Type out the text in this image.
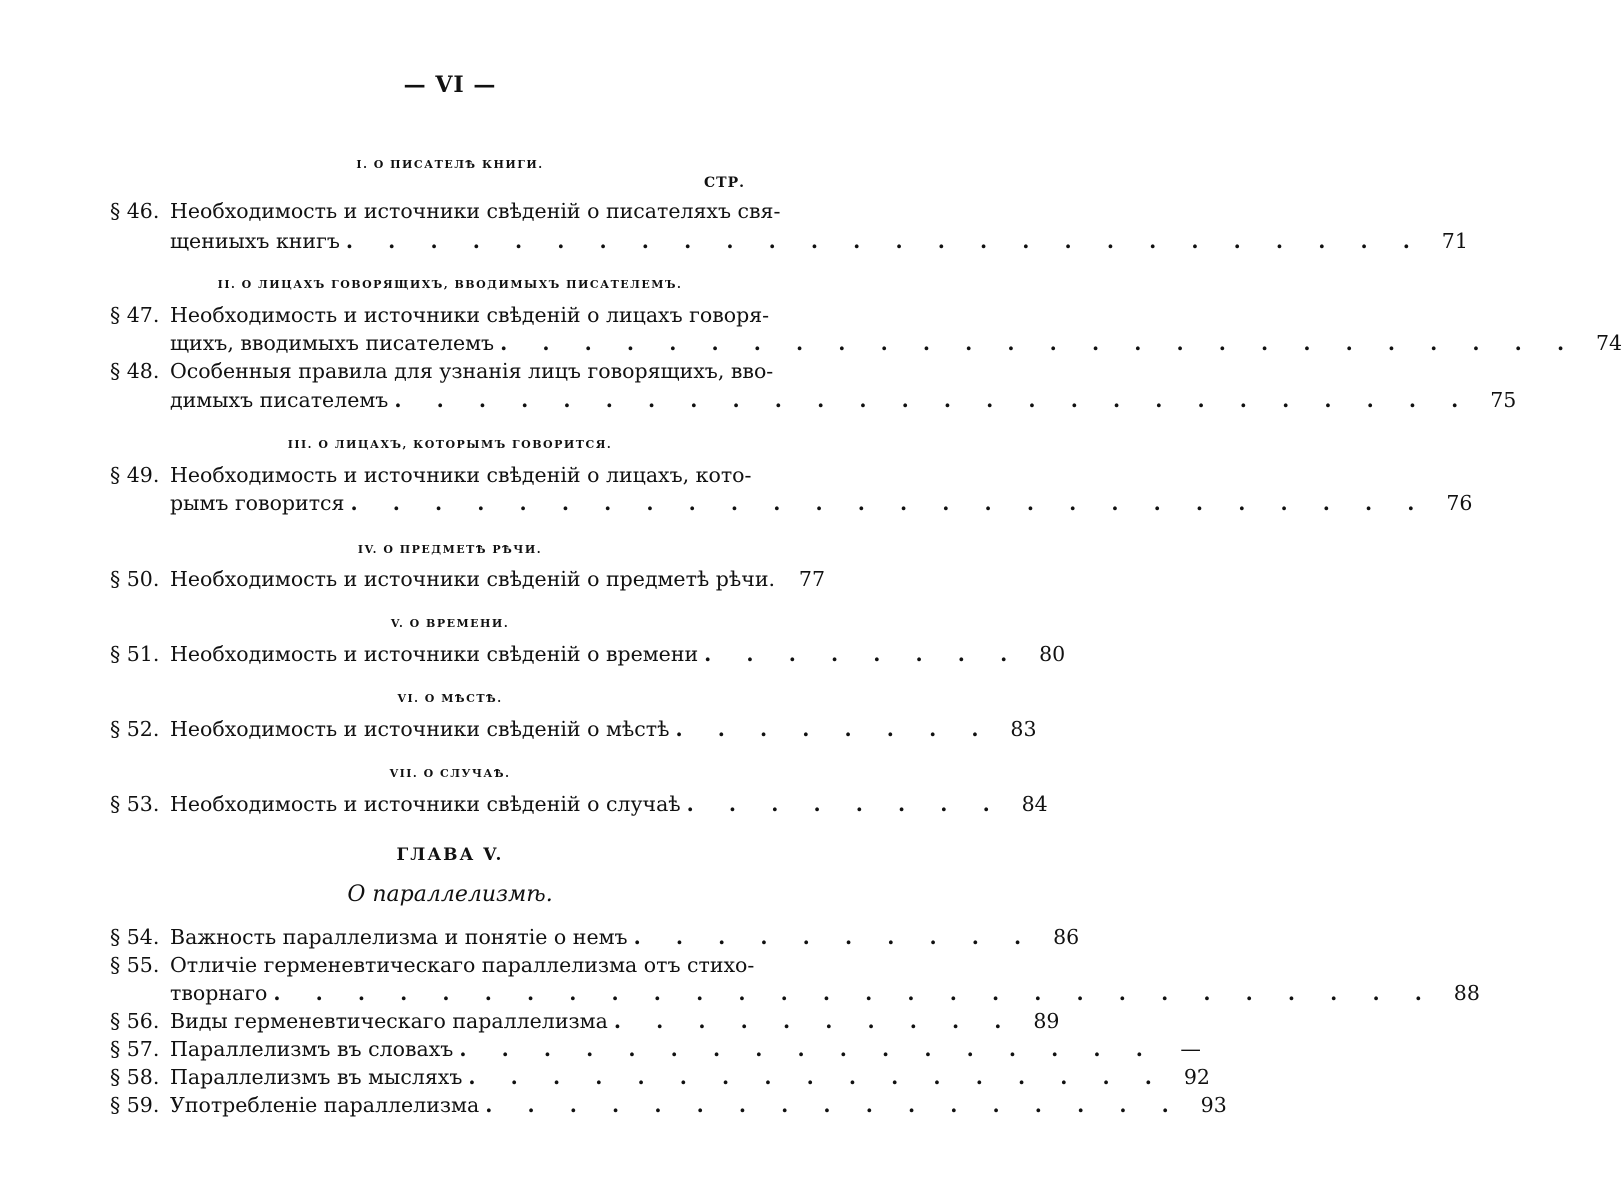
— VI —
I. О ПИСАТЕЛѢ КНИГИ.
СТР.
§ 46. Необходимость и источники свѣденій о писателяхъ свя-
щениыхъ книгъ . . . . . . . . . . . . . . . . . . . . . . . . . . 71
II. О ЛИЦАХЪ ГОВОРЯЩИХЪ, ВВОДИМЫХЪ ПИСАТЕЛЕМЪ.
§ 47. Необходимость и источники свѣденій о лицахъ говоря-
щихъ, вводимыхъ писателемъ . . . . . . . . . . . . . . . . . . . . . . . . . . 74
§ 48. Особенныя правила для узнанія лицъ говорящихъ, вво-
димыхъ писателемъ . . . . . . . . . . . . . . . . . . . . . . . . . . 75
III. О ЛИЦАХЪ, КОТОРЫМЪ ГОВОРИТСЯ.
§ 49. Необходимость и источники свѣденій о лицахъ, кото-
рымъ говорится . . . . . . . . . . . . . . . . . . . . . . . . . . 76
IV. О ПРЕДМЕТѢ РѢЧИ.
§ 50. Необходимость и источники свѣденій о предметѣ рѣчи.	77
V. О ВРЕМЕНИ.
§ 51. Необходимость и источники свѣденій о времени . . . . . . . . 80
VI. О МѢСТѢ.
§ 52. Необходимость и источники свѣденій о мѣстѣ . . . . . . . . 83
VII. О СЛУЧАѢ.
§ 53. Необходимость и источники свѣденій о случаѣ . . . . . . . . 84
ГЛАВА V.
О параллелизмѣ.
§ 54. Важность параллелизма и понятіе о немъ . . . . . . . . . . 86
§ 55. Отличіе герменевтическаго параллелизма отъ стихо-
творнаго . . . . . . . . . . . . . . . . . . . . . . . . . . . . 88
§ 56. Виды герменевтическаго параллелизма . . . . . . . . . . 89
§ 57. Параллелизмъ въ словахъ . . . . . . . . . . . . . . . . .	—
§ 58. Параллелизмъ въ мысляхъ . . . . . . . . . . . . . . . . . 92
§ 59. Употребленіе параллелизма . . . . . . . . . . . . . . . . . 93
